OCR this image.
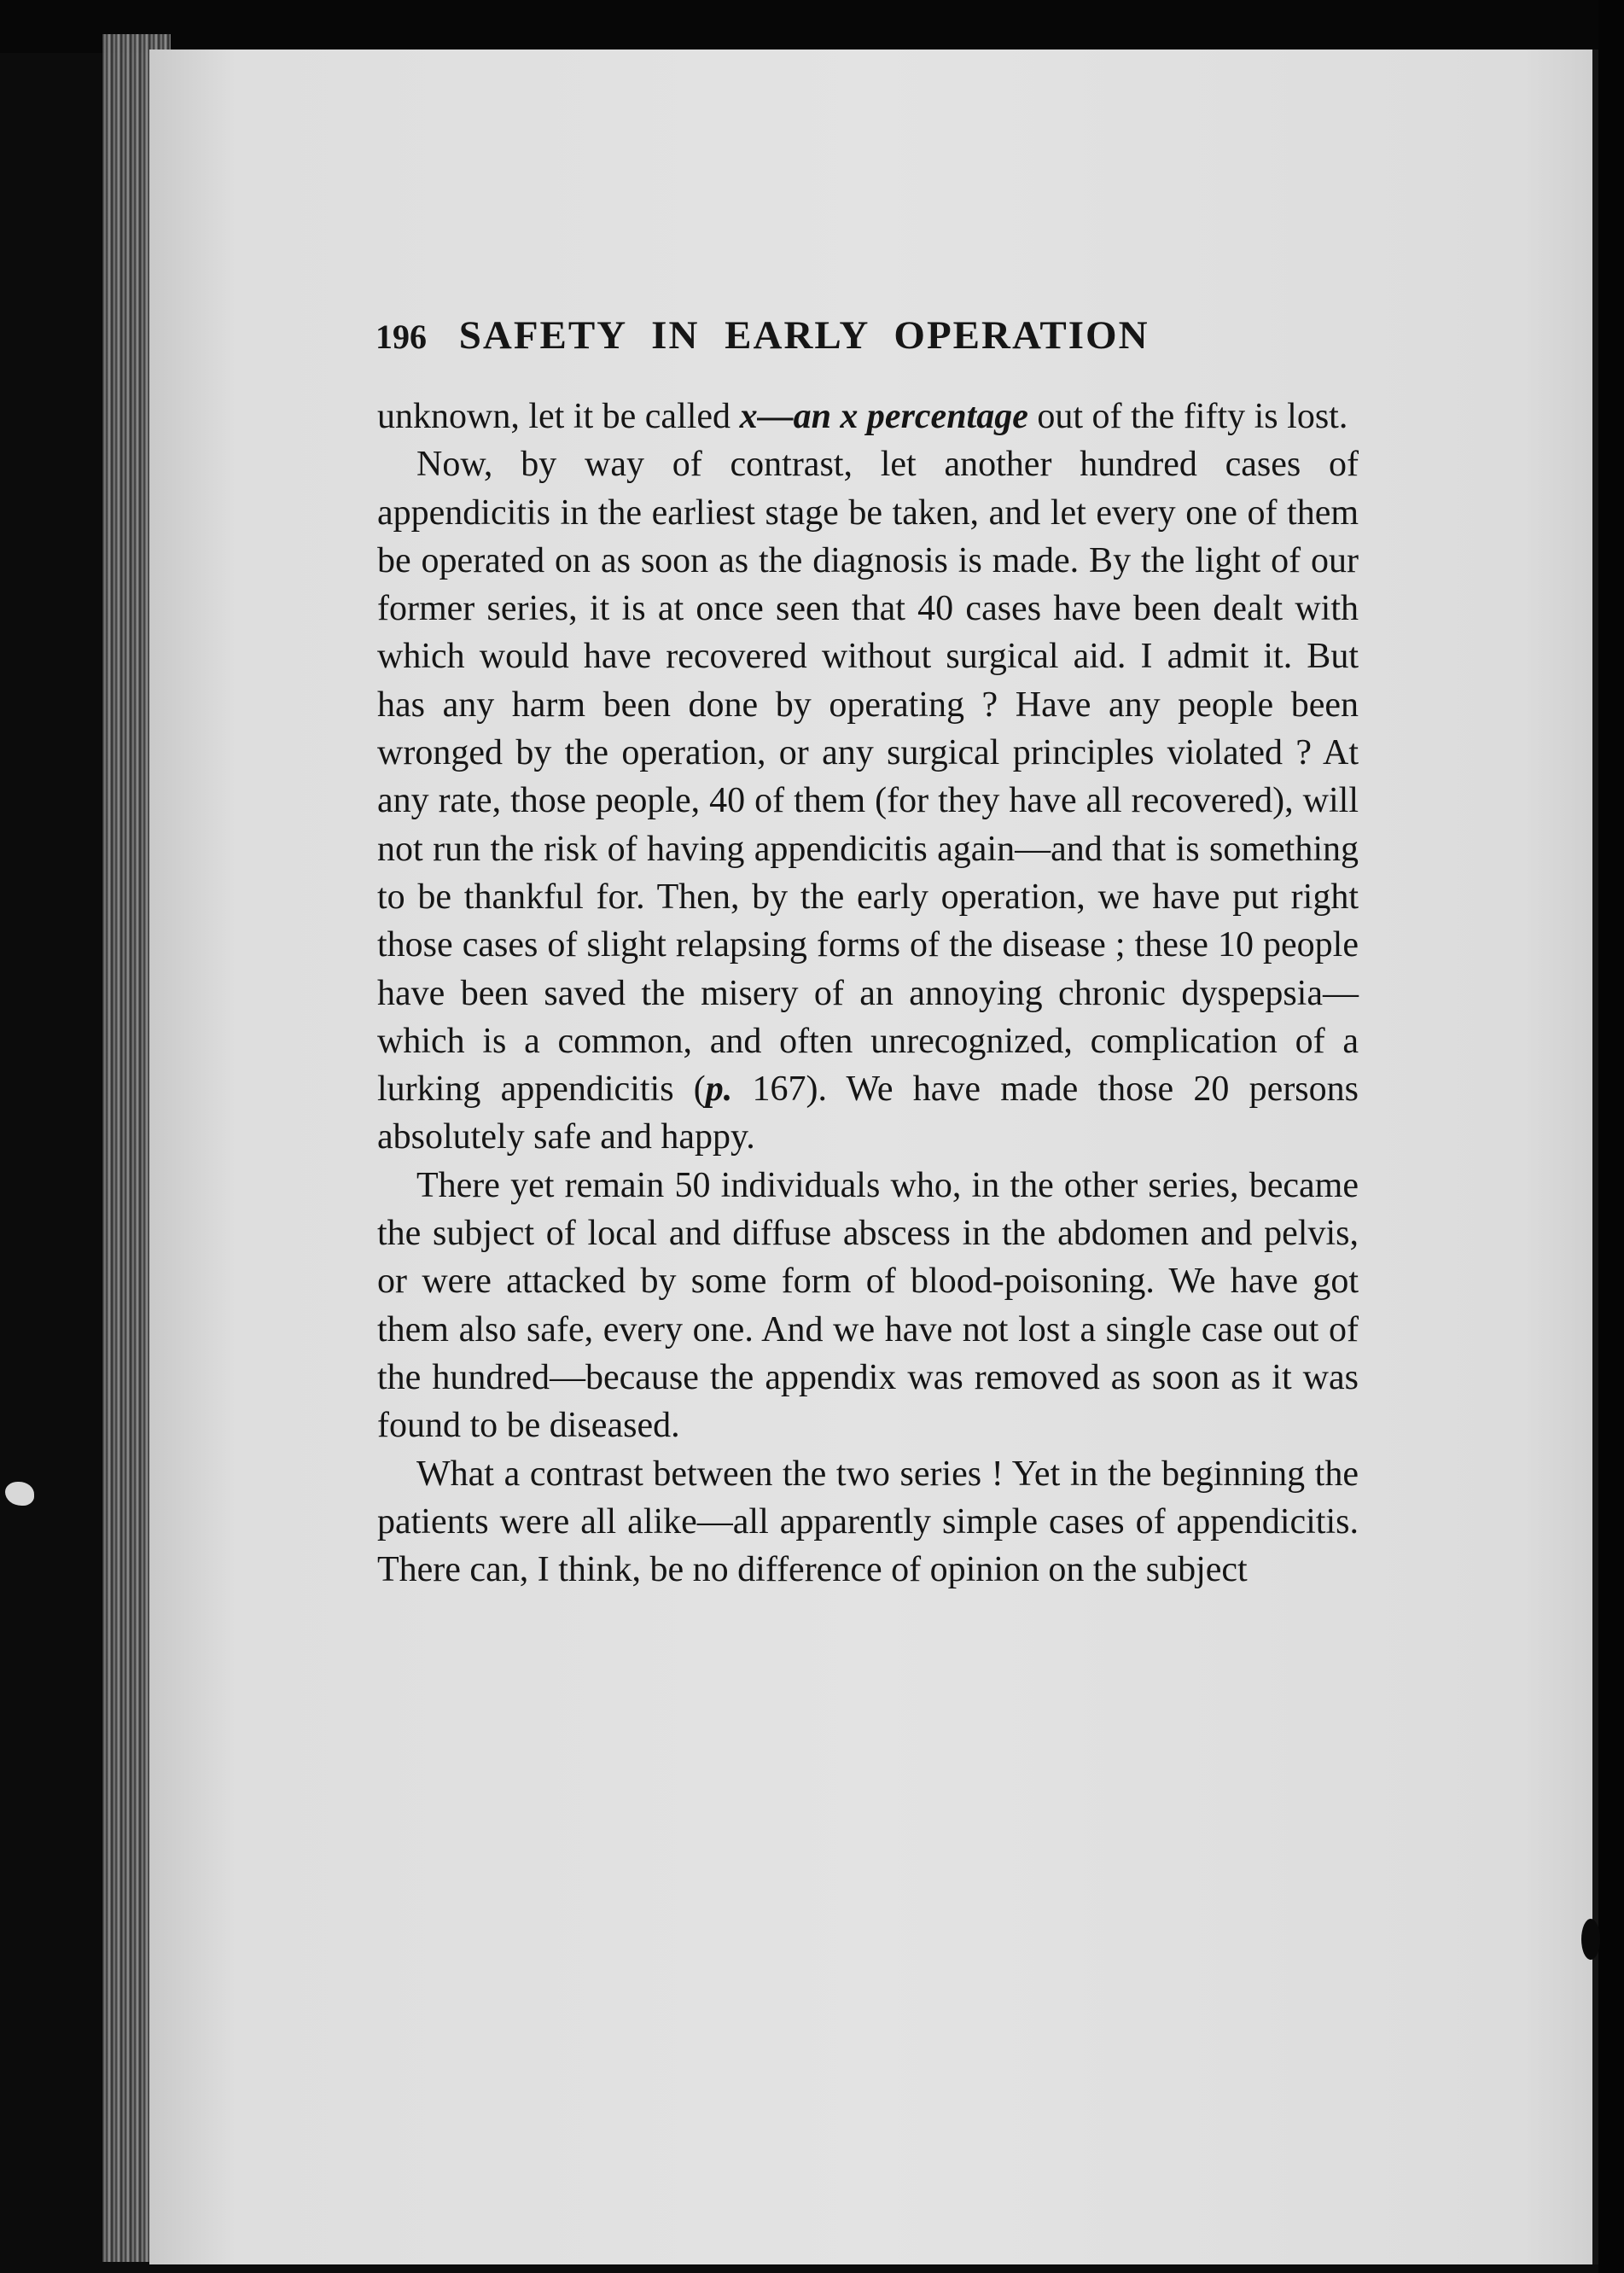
196 SAFETY IN EARLY OPERATION

unknown, let it be called x—an x percentage out of the fifty is lost.

Now, by way of contrast, let another hundred cases of appendicitis in the earliest stage be taken, and let every one of them be operated on as soon as the diagnosis is made. By the light of our former series, it is at once seen that 40 cases have been dealt with which would have recovered without surgical aid. I admit it. But has any harm been done by operating ? Have any people been wronged by the operation, or any surgical principles violated ? At any rate, those people, 40 of them (for they have all recovered), will not run the risk of having appendicitis again—and that is something to be thankful for. Then, by the early operation, we have put right those cases of slight relapsing forms of the disease ; these 10 people have been saved the misery of an annoying chronic dyspepsia—which is a common, and often unrecognized, complication of a lurking appendicitis (p. 167). We have made those 20 persons absolutely safe and happy.

There yet remain 50 individuals who, in the other series, became the subject of local and diffuse abscess in the abdomen and pelvis, or were attacked by some form of blood-poisoning. We have got them also safe, every one. And we have not lost a single case out of the hundred—because the appendix was removed as soon as it was found to be diseased.

What a contrast between the two series ! Yet in the beginning the patients were all alike—all apparently simple cases of appendicitis. There can, I think, be no difference of opinion on the subject
